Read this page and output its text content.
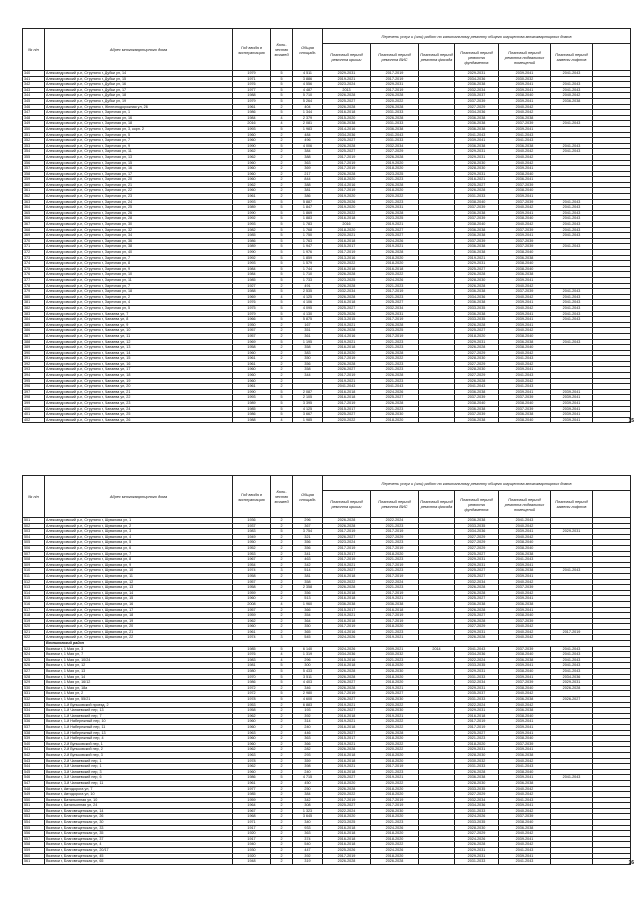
№ п/п	Адрес многоквартирного дома	Год ввода в эксплуатацию	Коли-чество этажей	Общая площадь	Перечень услуг и (или) работ по капитальному ремонту общего имущества многоквартирных домов						
					Плановый период ремонта крыши	Плановый период ремонта ВИС	Плановый период ремонта фасада	Плановый период ремонта фундамента	Плановый период ремонта подвальных помещений	Плановый период замены лифтов	
340	Александровский р-н, Струнино г, Дубки ул, 14	1979	5	4 511	2029-2031	2017-2019		2029-2031	2039-2041	2041-2043	
341	Александровский р-н, Струнино г, Дубки ул, 15	1971	5	3 886	2019-2021	2017-2019		2034-2036	2030-2032		
342	Александровский р-н, Струнино г, Дубки ул, 16	1976	5	4 556	2023-2024	2029-2031		2036-2038	2039-2041	2041-2043	
343	Александровский р-н, Струнино г, Дубки ул, 17	1977	5	4 487	2013	2017-2019		2032-2034	2039-2041	2041-2043	
344	Александровский р-н, Струнино г, Дубки ул, 18	1988	5	5 710	2026-2028	2026-2028		2035-2037	2038-2040	2040-2042	
345	Александровский р-н, Струнино г, Дубки ул, 19	1979	5	5 264	2025-2027	2020-2022		2037-2039	2039-2041	2036-2038	
346	Александровский р-н, Струнино г, Железнодорожная ул, 26	1961	2	404	2026-2028	2026-2028		2027-2029	2040-2042		
347	Александровский р-н, Струнино г, Заречная ул, 1	1986	5	1 344	2016-2018	2031-2033		2034-2036	2040-2042		
348	Александровский р-н, Струнино г, Заречная ул, 16	1984	4	2 379	2015-2020	2026-2028		2036-2038	2036-2038		
349	Александровский р-н, Струнино г, Заречная ул, 18	2016	4	2 081	2036-2038	2031-2033		2036-2038	2037-2039	2041-2043	
350	Александровский р-н, Струнино г, Заречная ул, 3, корп. 2	1993	5	1 983	2014-2016	2036-2038		2036-2038	2039-2041		
351	Александровский р-н, Струнино г, Заречная ул, 5	1960	2	484	2034-2036	2041-2043		2041-2043	2041-2043		
352	Александровский р-н, Струнино г, Заречная ул, 7	1960	2	496	2025-2027	2031-2033		2039-2041	2041-2043		
353	Александровский р-н, Струнино г, Заречная ул, 9	1990	5	4 006	2026-2028	2032-2034		2036-2038	2036-2038	2041-2043	
354	Александровский р-н, Струнино г, Заречная ул, 11	1962	2	384	2025-2027	2027-2029		2029-2031	2040-2042	2041-2043	
355	Александровский р-н, Струнино г, Заречная ул, 13	1962	2	388	2017-2019	2026-2028		2029-2031	2040-2042		
356	Александровский р-н, Струнино г, Заречная ул, 15	1960	2	363	2017-2019	2019-2020		2028-2030	2040-2042		
357	Александровский р-н, Струнино г, Заречная ул, 16	1960	2	369	2017-2019	2018-2020		2028-2030	2039-2041		
358	Александровский р-н, Струнино г, Заречная ул, 17	1960	2	217	2026-2028	2023-2025		2029-2031	2038-2040		
359	Александровский р-н, Струнино г, Заречная ул, 20	1960	2	844	2018-2020	2021-2023		2016-2021	2036-2041		
360	Александровский р-н, Струнино г, Заречная ул, 21	1962	2	388	2014-2016	2026-2028		2025-2027	2037-2039		
361	Александровский р-н, Струнино г, Заречная ул, 22	1960	2	381	2017-2019	2018-2020		2026-2028	2038-2040		
362	Александровский р-н, Струнино г, Заречная ул, 23	1961	2	386	2019-2020	2020-2022		2031-2033	2039-2041		
363	Александровский р-н, Струнино г, Заречная ул, 24	1993	5	5 887	2025-2026	2021-2023		2038-2040	2037-2039	2041-2043	
364	Александровский р-н, Струнино г, Заречная ул, 25	1989	5	1 847	2019-2020	2029-2031		2037-2039	2040-2042	2041-2043	
365	Александровский р-н, Струнино г, Заречная ул, 26	1990	5	1 869	2020-2022	2026-2028		2036-2038	2039-2041	2041-2043	
366	Александровский р-н, Струнино г, Заречная ул, 28	1992	5	1 883	2016-2018	2023-2025		2037-2039	2038-2040	2041-2043	
367	Александровский р-н, Струнино г, Заречная ул, 30	1993	5	1 783	2016	2019-2021		2038-2040	2040-2042	2041-2043	
368	Александровский р-н, Струнино г, Заречная ул, 32	1982	5	1 768	2018-2020	2025-2027		2036-2038	2037-2039	2041-2043	
369	Александровский р-н, Струнино г, Заречная ул, 34	1985	5	1 750	2020-2021	2025-2027		2036-2038	2039-2041	2041-2043	
370	Александровский р-н, Струнино г, Заречная ул, 36	1986	5	1 763	2016-2018	2024-2026		2037-2039	2037-2039		
371	Александровский р-н, Струнино г, Заречная ул, 38	1989	5	1 947	2015-2017	2019-2021		2036-2038	2037-2039	2041-2043	
372	Александровский р-н, Струнино г, Заречная ул, 40	1990	5	1 976	2017-2019	2026-2028		2036-2038	2038-2040		
373	Александровский р-н, Струнино г, Заречная ул, 7	1992	5	1 859	2013-2016	2018-2020		2019-2021	2036-2038		
374	Александровский р-н, Струнино г, Заречная ул, 8	1993	5	1 579	2020-2022	2018-2020		2029-2031	2038-2040		
375	Александровский р-н, Струнино г, Заречная ул, 9	1984	5	1 744	2016-2018	2016-2018		2025-2027	2038-2040		
376	Александровский р-н, Струнино г, Заречная ул, 10	1984	5	1 710	2026-2028	2020-2022		2026-2028	2036-2038		
377	Александровский р-н, Струнино г, Заречная ул, 11	1985	5	1 733	2023-2025	2024-2026		2028-2030	2039-2041		
378	Александровский р-н, Струнино г, Заречная ул, 7	1927	2	491	2026-2028	2021-2023		2026-2028	2040-2042		
379	Александровский р-н, Струнино г, Заречная ул, 18	1988	5	2 535	2032-2034	2017-2019		2036-2038	2037-2039	2041-2043	
380	Александровский р-н, Струнино г, Заречная ул, 2	1969	4	4 125	2026-2028	2021-2023		2034-2036	2040-2042	2041-2043	
381	Александровский р-н, Струнино г, Заречная ул, 4	1976	5	4 106	2016-2018	2025-2027		2036-2038	2039-2041	2041-2043	
382	Александровский р-н, Струнино г, Заречная ул, 5	1975	5	4 095	2025-2027	2032-2034		2033-2035	2040-2042	2041-2043	
383	Александровский р-н, Струнино г, Чапаева ул, 7	1979	5	4 130	2025-2026	2029-2031		2036-2038	2039-2041	2041-2043	
384	Александровский р-н, Струнино г, Чапаева ул, 8	1966	5	5 875	2013-2015	2017-2019		2033-2035	2039-2041	2041-2043	
385	Александровский р-н, Струнино г, Чапаева ул, 9	1950	2	167	2019-2021	2026-2028		2026-2028	2039-2041		
386	Александровский р-н, Струнино г, Чапаева ул, 10	1957	2	351	2026-2028	2023-2025		2025-2027	2040-2042		
387	Александровский р-н, Струнино г, Чапаева ул, 11	1957	2	361	2014-2016	2017-2019		2018-2020	2038-2040		
388	Александровский р-н, Струнино г, Чапаева ул, 12	1969	5	1 195	2019-2021	2021-2023		2029-2031	2036-2038	2041-2043	
389	Александровский р-н, Струнино г, Чапаева ул, 13	1958	2	358	2016-2018	2021-2023		2026-2028	2038-2040		
390	Александровский р-н, Струнино г, Чапаева ул, 14	1960	2	383	2018-2020	2026-2028		2027-2029	2040-2042		
391	Александровский р-н, Струнино г, Чапаева ул, 15	1961	2	350	2017-2019	2020-2022		2028-2030	2041-2043		
392	Александровский р-н, Струнино г, Чапаева ул, 16	1961	2	356	2026-2028	2021-2023		2027-2029	2040-2042		
393	Александровский р-н, Струнино г, Чапаева ул, 17	1960	2	358	2026-2027	2021-2023		2028-2030	2039-2041		
394	Александровский р-н, Струнино г, Чапаева ул, 18	1960	2	344	2017-2019	2026-2028		2027-2029	2041-2043		
395	Александровский р-н, Струнино г, Чапаева ул, 19	1960	2		2019-2021	2021-2023		2026-2028	2040-2042		
396	Александровский р-н, Струнино г, Чапаева ул, 20	1961	2		2041-2043	2041-2043		2041-2043	2041-2043		
397	Александровский р-н, Струнино г, Чапаева ул, 21	1990	5	2 087	2016-2018	2024-2026		2036-2038	2039-2041	2039-2041	
398	Александровский р-н, Струнино г, Чапаева ул, 22	1993	5	2 105	2016-2018	2025-2027		2037-2039	2037-2039	2039-2041	
399	Александровский р-н, Струнино г, Чапаева ул, 23	1989	5	3 395	2017-2019	2026-2028		2038-2040	2038-2040	2039-2041	
400	Александровский р-н, Струнино г, Чапаева ул, 24	1985	5	4 125	2015-2017	2021-2023		2036-2038	2037-2039	2039-2041	
401	Александровский р-н, Струнино г, Чапаева ул, 25	1986	5	3 667	2025-2027	2028-2030		2037-2039	2036-2038	2039-2041	
402	Александровский р-н, Струнино г, Чапаева ул, 26	1988	4	1 985	2020-2022	2018-2020		2036-2038	2038-2040	2039-2041		15
№ п/п	Адрес многоквартирного дома	Год ввода в эксплуатацию	Коли-чество этажей	Общая площадь	Перечень услуг и (или) работ по капитальному ремонту общего имущества многоквартирных домов						
					Плановый период ремонта крыши	Плановый период ремонта ВИС	Плановый период ремонта фасада	Плановый период ремонта фундамента	Плановый период ремонта подвальных помещений	Плановый период замены лифтов	
501	Александровский р-н, Струнино г, Шувалова ул, 1	1936	2	296	2026-2028	2022-2024		2036-2038	2041-2043		
502	Александровский р-н, Струнино г, Шувалова ул, 2	1937	2	367	2026-2028	2021-2023		2033-2035	2040-2042		
503	Александровский р-н, Струнино г, Шувалова ул, 3	1983	5	3 754	2017-2019	2017-2019		2034-2036	2039-2041	2029-2031	
504	Александровский р-н, Струнино г, Шувалова ул, 4	1949	2	321	2026-2027	2027-2029		2027-2029	2040-2042		
505	Александровский р-н, Струнино г, Шувалова ул, 5	1950	2	356	2023-2024	2021-2023		2027-2029	2038-2040		
506	Александровский р-н, Струнино г, Шувалова ул, 6	1952	2	356	2017-2019	2017-2019		2027-2029	2038-2040		
507	Александровский р-н, Струнино г, Шувалова ул, 7	1953	2	341	2015-2017	2018-2020		2025-2027	2036-2038		
508	Александровский р-н, Струнино г, Шувалова ул, 8	1967	2	463	2017-2019	2021-2023		2029-2031	2041-2043		
509	Александровский р-н, Струнино г, Шувалова ул, 9	1954	2	342	2019-2021	2017-2019		2029-2031	2039-2041		
510	Александровский р-н, Струнино г, Шувалова ул, 10	1974	3	514	2025-2027	2021-2023		2025-2027	2036-2038	2041-2043	
511	Александровский р-н, Струнино г, Шувалова ул, 11	1958	2	381	2016-2018	2017-2019		2025-2027	2039-2041		
512	Александровский р-н, Струнино г, Шувалова ул, 12	1957	2	358	2020-2022	2022-2024		2032-2034	2040-2042		
513	Александровский р-н, Струнино г, Шувалова ул, 13	1958	2	2 358	2026-2028	2021-2023		2026-2028	2037-2039		
514	Александровский р-н, Струнино г, Шувалова ул, 14	1959	2	356	2016-2018	2017-2019		2026-2028	2040-2042		
515	Александровский р-н, Струнино г, Шувалова ул, 15	1960	2	513	2016-2018	2019-2021		2025-2027	2039-2041		
516	Александровский р-н, Струнино г, Шувалова ул, 16	2008	4	1 960	2036-2038	2036-2038		2036-2038	2036-2038		
517	Александровский р-н, Струнино г, Шувалова ул, 17	1957	2	366	2015-2017	2016-2018		2026-2028	2039-2041		
518	Александровский р-н, Струнино г, Шувалова ул, 18	1959	2	354	2019-2021	2017-2019		2025-2027	2038-2040		
519	Александровский р-н, Струнино г, Шувалова ул, 19	1962	2	364	2016-2018	2017-2019		2026-2028	2037-2039		
520	Александровский р-н, Струнино г, Шувалова ул, 20	1960	2	350	2017-2019	2018-2020		2027-2029	2040-2042		
521	Александровский р-н, Струнино г, Шувалова ул, 21	1961	2	365	2014-2016	2021-2023		2029-2031	2040-2042	2017-2019	
522	Александровский р-н, Струнино г, Шувалова ул, 22	1974	3	545	2024-2026	2019-2021		2026-2028	2040-2042		
	Вязниковский район										
523	Вязники г, 1 Мая ул, 3	1985	5	6 140	2024-2026	2009-2021	2014	2041-2043	2037-2039	2041-2043	
524	Вязники г, 1 Мая ул, 7	1976	4	1 319	2034-2036	2030-2032		2034-2036	2038-2040	2041-2043	
525	Вязники г, 1 Мая ул, 10/24	1983	4	296	2015-2016	2021-2023		2022-2024	2036-2038	2041-2043	
526	Вязники г, 1 Мая ул, 12	1981	5	300	2016-2018	2018-2020		2033-2035	2039-2041	2041-2043	
527	Вязники г, 1 Мая ул, 13	1980	5	5 433	2026-2028	2028-2030		2029-2031	2038-2040	2041-2043	
528	Вязники г, 1 Мая ул, 14	1970	5	3 511	2026-2028	2018-2020		2031-2033	2039-2041	2034-2036	
529	Вязники г, 1 Мая ул, 16/12	1986	5	4 403	2026-2027	2018-2020		2032-2034	2037-2039	2029-2031	
530	Вязники г, 1 Мая ул, 18а	1972	2	346	2026-2028	2019-2021		2029-2031	2038-2040	2026-2028	
531	Вязники г, 1 Мая ул, 2	1972	5	2 980	2017-2019	2025-2027		2035-2037	2040-2042		
532	Вязники г, 1 Мая ул, 55/21	1978	5	4 600	2026-2027	2028-2030		2031-2033	2036-2038	2026-2027	
533	Вязники г, 1-й Буньковский проезд, 2	1953	2	6 883	2019-2021	2020-2022		2022-2024	2040-2042		
534	Вязники г, 1-й Чапаевский пер, 13	1958	2	193	2026-2027	2028-2030		2029-2031	2036-2038		
535	Вязники г, 1-й Чапаевский пер, 7	1962	2	392	2016-2018	2019-2021		2016-2018	2038-2040		
536	Вязники г, 1-й Набережный пер, 10	1960	2	314	2019-2021	2020-2022		2017-2019	2039-2041		
537	Вязники г, 1-й Набережный пер, 11	1960	2	240	2016-2018	2020-2022		2017-2019	2039-2041		
538	Вязники г, 1-й Набережный пер, 13	1963	2	446	2025-2027	2026-2028		2025-2027	2039-2041		
539	Вязники г, 1-й Набережный пер, 4	1960	2	363	2015-2017	2018-2020		2021-2023	2038-2040		
540	Вязники г, 2-й Буньковский пер, 1	1960	2	366	2019-2021	2020-2022		2018-2020	2037-2039		
541	Вязники г, 2-й Буньковский пер, 2	1962	2	282	2026-2028	2020-2022		2029-2031	2039-2041		
542	Вязники г, 2-й Буньковский пер, 3	1963	2	293	2016-2018	2018-2020		2028-2030	2036-2038		
543	Вязники г, 2-й Чапаевский пер, 1	1978	2	359	2016-2018	2018-2020		2030-2032	2040-2042		
544	Вязники г, 3-й Чапаевский пер, 1	1962	2	398	2019-2021	2017-2019		2031-2033	2041-2043		
545	Вязники г, 3-й Чапаевский пер, 3	1960	2	240	2016-2018	2021-2023		2026-2028	2038-2040		
546	Вязники г, 3-й Чапаевский пер, 6	1986	5	4 715	2025-2027	2019-2021		2036-2038	2039-2041	2041-2043	
547	Вязники г, 3-й Чапаевский пер, 11	1961	2	450	2018-2020	2020-2022		2028-2030	2036-2038		
548	Вязники г, Автодорога ул, 7	1977	2	250	2026-2028	2018-2020		2033-2035	2040-2042		
549	Вязники г, Автодорога ул, 10	1985	2	384	2020-2022	2018-2020		2027-2029	2040-2042		
550	Вязники г, Батальонная ул, 10	1959	2	342	2017-2019	2017-2019		2032-2034	2041-2043		
551	Вязники г, Батальонная ул, 24	1964	2	308	2025-2027	2017-2019		2034-2036	2039-2041		
552	Вязники г, Благовещенская ул, 14	1967	2	1 323	2022-2024	2028-2030		2031-2033	2040-2042		
553	Вязники г, Благовещенская ул, 26	1968	2	3 645	2018-2020	2018-2020		2024-2026	2037-2039		
554	Вязники г, Благовещенская ул, 30	1971	2	340	2023-2025	2021-2023		2033-2035	2038-2040		
555	Вязники г, Благовещенская ул, 33	1917	2	933	2016-2018	2024-2026		2028-2030	2036-2038		
556	Вязники г, Благовещенская ул, 35	1920	2	363	2016-2018	2018-2020		2027-2029	2040-2042		
557	Вязники г, Благовещенская ул, 37	1917	2	374	2016-2018	2018-2020		2024-2026	2039-2041		
558	Вязники г, Благовещенская ул, 4	1940	2	540	2016-2018	2020-2022		2026-2028	2040-2042		
559	Вязники г, Благовещенская ул, 20/17	1930	2	447	2025-2026	2024-2026		2029-2031	2041-2043		
560	Вязники г, Благовещенская ул, 45	1920	2	392	2017-2019	2018-2020		2029-2031	2039-2041		
561	Вязники г, Благовещенская ул, 65	1948	2	319	2026-2028	2026-2028		2031-2033	2041-2043			16
